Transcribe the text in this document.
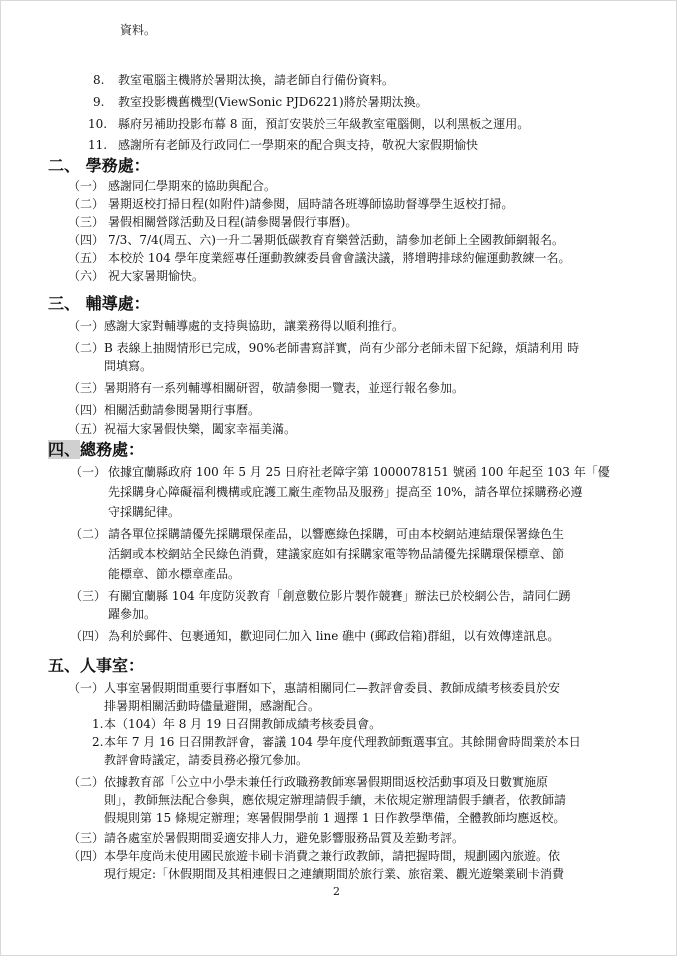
資料。
8. 教室電腦主機將於暑期汰換，請老師自行備份資料。
9. 教室投影機舊機型(ViewSonic PJD6221)將於暑期汰換。
10. 縣府另補助投影布幕 8 面，預訂安裝於三年級教室電腦側，以利黑板之運用。
11. 感謝所有老師及行政同仁一學期來的配合與支持，敬祝大家假期愉快
二、 學務處：
（一） 感謝同仁學期來的協助與配合。
（二） 暑期返校打掃日程(如附件)請參閱，屆時請各班導師協助督導學生返校打掃。
（三） 暑假相關營隊活動及日程(請參閱暑假行事曆)。
（四） 7/3、7/4(周五、六)一升二暑期低碳教育育樂營活動，請參加老師上全國教師網報名。
（五） 本校於 104 學年度業經專任運動教練委員會會議決議，將增聘排球約僱運動教練一名。
（六） 祝大家暑期愉快。
三、 輔導處：
（一）感謝大家對輔導處的支持與協助，讓業務得以順利推行。
（二）B 表線上抽閱情形已完成，90%老師書寫詳實，尚有少部分老師未留下紀錄，煩請利用 時
問填寫。
（三）暑期將有一系列輔導相關研習，敬請參閱一覽表，並逕行報名參加。
（四）相關活動請參閱暑期行事曆。
（五）祝福大家暑假快樂，闔家幸福美滿。
四、總務處：
（一） 依據宜蘭縣政府 100 年 5 月 25 日府社老障字第 1000078151 號函 100 年起至 103 年「優
先採購身心障礙福利機構或庇護工廠生產物品及服務」提高至 10%，請各單位採購務必遵
守採購紀律。
（二） 請各單位採購請優先採購環保產品，以響應綠色採購，可由本校網站連結環保署綠色生
活網或本校網站全民綠色消費，建議家庭如有採購家電等物品請優先採購環保標章、節
能標章、節水標章產品。
（三） 有關宜蘭縣 104 年度防災教育「創意數位影片製作競賽」辦法已於校網公告，請同仁踴
躍參加。
（四） 為利於郵件、包裹通知，歡迎同仁加入 line 礁中 (郵政信箱)群組，以有效傳達訊息。
五、人事室：
（一）人事室暑假期間重要行事曆如下，惠請相關同仁—教評會委員、教師成績考核委員於安
排暑期相關活動時儘量避開，感謝配合。
1.本（104）年 8 月 19 日召開教師成績考核委員會。
2.本年 7 月 16 日召開教評會，審議 104 學年度代理教師甄選事宜。其餘開會時間業於本日
教評會時議定，請委員務必撥冗參加。
（二）依據教育部「公立中小學未兼任行政職務教師寒暑假期間返校活動事項及日數實施原
則」，教師無法配合參與，應依規定辦理請假手續，未依規定辦理請假手續者，依教師請
假規則第 15 條規定辦理；寒暑假開學前 1 週擇 1 日作教學準備，全體教師均應返校。
（三）請各處室於暑假期間妥適安排人力，避免影響服務品質及差勤考評。
（四）本學年度尚未使用國民旅遊卡刷卡消費之兼行政教師，請把握時間，規劃國內旅遊。依
現行規定:「休假期間及其相連假日之連續期間於旅行業、旅宿業、觀光遊樂業刷卡消費
2
